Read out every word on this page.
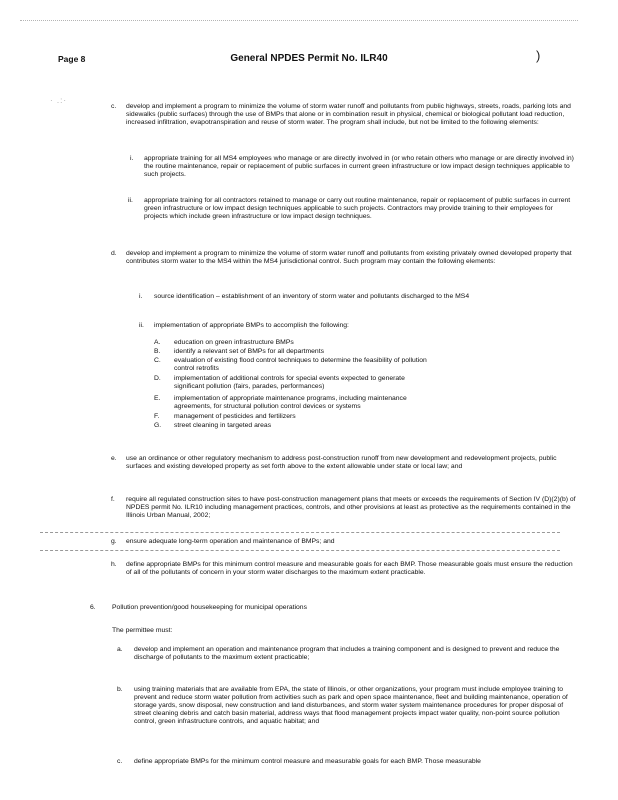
Page 8	General NPDES Permit No. ILR40	)
· .:·
c. develop and implement a program to minimize the volume of storm water runoff and pollutants from public highways, streets, roads, parking lots and sidewalks (public surfaces) through the use of BMPs that alone or in combination result in physical, chemical or biological pollutant load reduction, increased infiltration, evapotranspiration and reuse of storm water. The program shall include, but not be limited to the following elements:
i. appropriate training for all MS4 employees who manage or are directly involved in (or who retain others who manage or are directly involved in) the routine maintenance, repair or replacement of public surfaces in current green infrastructure or low impact design techniques applicable to such projects.
ii. appropriate training for all contractors retained to manage or carry out routine maintenance, repair or replacement of public surfaces in current green infrastructure or low impact design techniques applicable to such projects. Contractors may provide training to their employees for projects which include green infrastructure or low impact design techniques.
d. develop and implement a program to minimize the volume of storm water runoff and pollutants from existing privately owned developed property that contributes storm water to the MS4 within the MS4 jurisdictional control. Such program may contain the following elements:
i. source identification – establishment of an inventory of storm water and pollutants discharged to the MS4
ii. implementation of appropriate BMPs to accomplish the following:
A.	education on green infrastructure BMPs
B.	identify a relevant set of BMPs for all departments
C.	evaluation of existing flood control techniques to determine the feasibility of pollution control retrofits
D.	implementation of additional controls for special events expected to generate significant pollution (fairs, parades, performances)
E.	implementation of appropriate maintenance programs, including maintenance agreements, for structural pollution control devices or systems
F.	management of pesticides and fertilizers
G.	street cleaning in targeted areas
e. use an ordinance or other regulatory mechanism to address post-construction runoff from new development and redevelopment projects, public surfaces and existing developed property as set forth above to the extent allowable under state or local law; and
f. require all regulated construction sites to have post-construction management plans that meets or exceeds the requirements of Section IV (D)(2)(b) of NPDES permit No. ILR10 including management practices, controls, and other provisions at least as protective as the requirements contained in the Illinois Urban Manual, 2002;
g. ensure adequate long-term operation and maintenance of BMPs; and
h. define appropriate BMPs for this minimum control measure and measurable goals for each BMP. Those measurable goals must ensure the reduction of all of the pollutants of concern in your storm water discharges to the maximum extent practicable.
6. Pollution prevention/good housekeeping for municipal operations
The permittee must:
a. develop and implement an operation and maintenance program that includes a training component and is designed to prevent and reduce the discharge of pollutants to the maximum extent practicable;
b. using training materials that are available from EPA, the state of Illinois, or other organizations, your program must include employee training to prevent and reduce storm water pollution from activities such as park and open space maintenance, fleet and building maintenance, operation of storage yards, snow disposal, new construction and land disturbances, and storm water system maintenance procedures for proper disposal of street cleaning debris and catch basin material, address ways that flood management projects impact water quality, non-point source pollution control, green infrastructure controls, and aquatic habitat; and
c. define appropriate BMPs for the minimum control measure and measurable goals for each BMP. Those measurable
